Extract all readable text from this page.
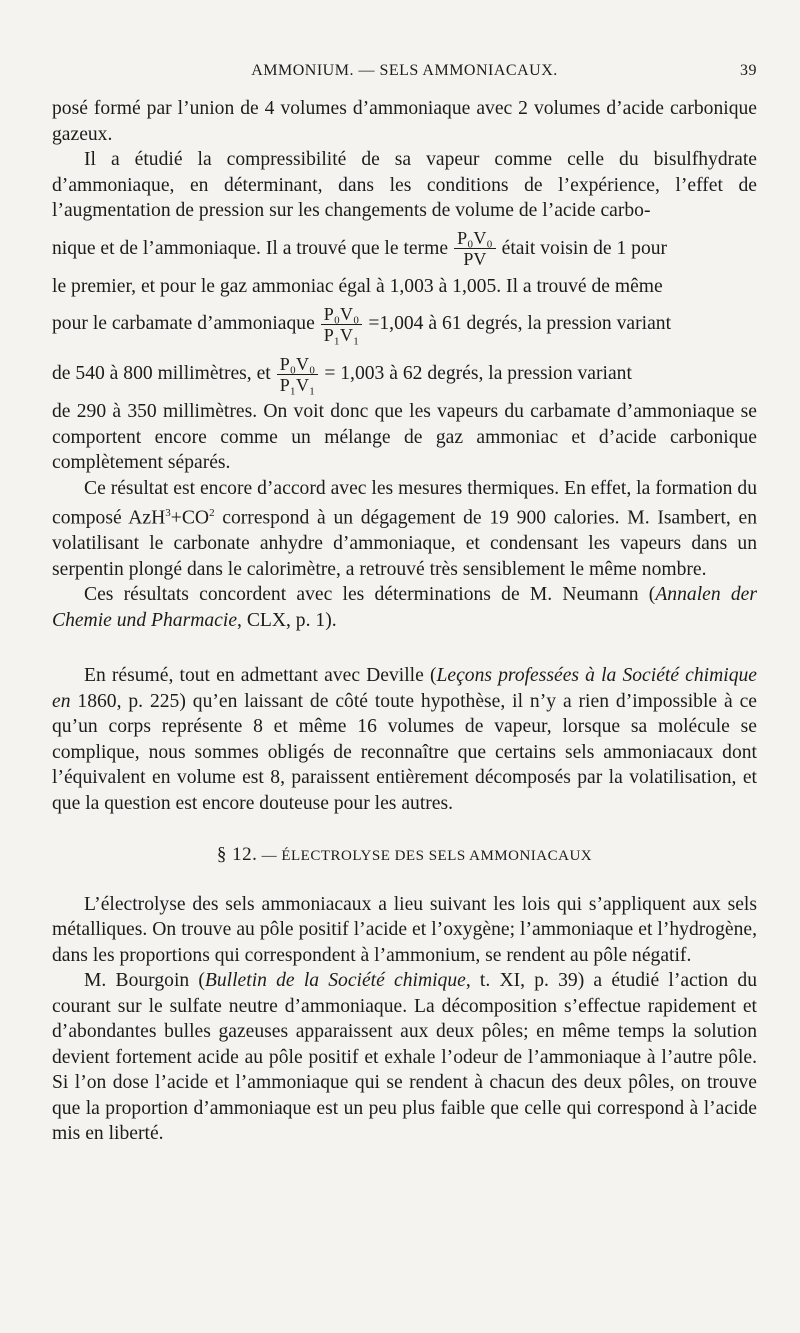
AMMONIUM. — SELS AMMONIACAUX.	39

posé formé par l’union de 4 volumes d’ammoniaque avec 2 volumes d’acide carbonique gazeux.

Il a étudié la compressibilité de sa vapeur comme celle du bisulfhydrate d’ammoniaque, en déterminant, dans les conditions de l’expérience, l’effet de l’augmentation de pression sur les changements de volume de l’acide carbo-

nique et de l’ammoniaque. Il a trouvé que le terme $\frac{\text{P₀V₀}}{PV}$ était voisin de 1 pour

le premier, et pour le gaz ammoniac égal à 1,003 à 1,005. Il a trouvé de même

pour le carbamate d’ammoniaque $\frac{\text{P₀V₀}}{\text{P₁V₁}} =1,004$ à 61 degrés, la pression variant
de 540 à 800 millimètres, et $\frac{\text{P₀V₀}}{\text{P₁V₁}} = 1,003$ à 62 degrés, la pression variant

de 290 à 350 millimètres. On voit donc que les vapeurs du carbamate d’ammoniaque se comportent encore comme un mélange de gaz ammoniac et d’acide carbonique complètement séparés.

Ce résultat est encore d’accord avec les mesures thermiques. En effet, la formation du composé $AzH^3+CO^2$ correspond à un dégagement de 19 900 calories. M. Isambert, en volatilisant le carbonate anhydre d’ammoniaque, et condensant les vapeurs dans un serpentin plongé dans le calorimètre, a retrouvé très sensiblement le même nombre.

Ces résultats concordent avec les déterminations de M. Neumann (Annalen der Chemie und Pharmacie, CLX, p. 1).

En résumé, tout en admettant avec Deville (Leçons professées à la Société chimique en 1860, p. 225) qu’en laissant de côté toute hypothèse, il n’y a rien d’impossible à ce qu’un corps représente 8 et même 16 volumes de vapeur, lorsque sa molécule se complique, nous sommes obligés de reconnaître que certains sels ammoniacaux dont l’équivalent en volume est 8, paraissent entièrement décomposés par la volatilisation, et que la question est encore douteuse pour les autres.

§ 12. — ÉLECTROLYSE DES SELS AMMONIACAUX

L’électrolyse des sels ammoniacaux a lieu suivant les lois qui s’appliquent aux sels métalliques. On trouve au pôle positif l’acide et l’oxygène; l’ammoniaque et l’hydrogène, dans les proportions qui correspondent à l’ammonium, se rendent au pôle négatif.

M. Bourgoin (Bulletin de la Société chimique, t. XI, p. 39) a étudié l’action du courant sur le sulfate neutre d’ammoniaque. La décomposition s’effectue rapidement et d’abondantes bulles gazeuses apparaissent aux deux pôles; en même temps la solution devient fortement acide au pôle positif et exhale l’odeur de l’ammoniaque à l’autre pôle. Si l’on dose l’acide et l’ammoniaque qui se rendent à chacun des deux pôles, on trouve que la proportion d’ammoniaque est un peu plus faible que celle qui correspond à l’acide mis en liberté.
